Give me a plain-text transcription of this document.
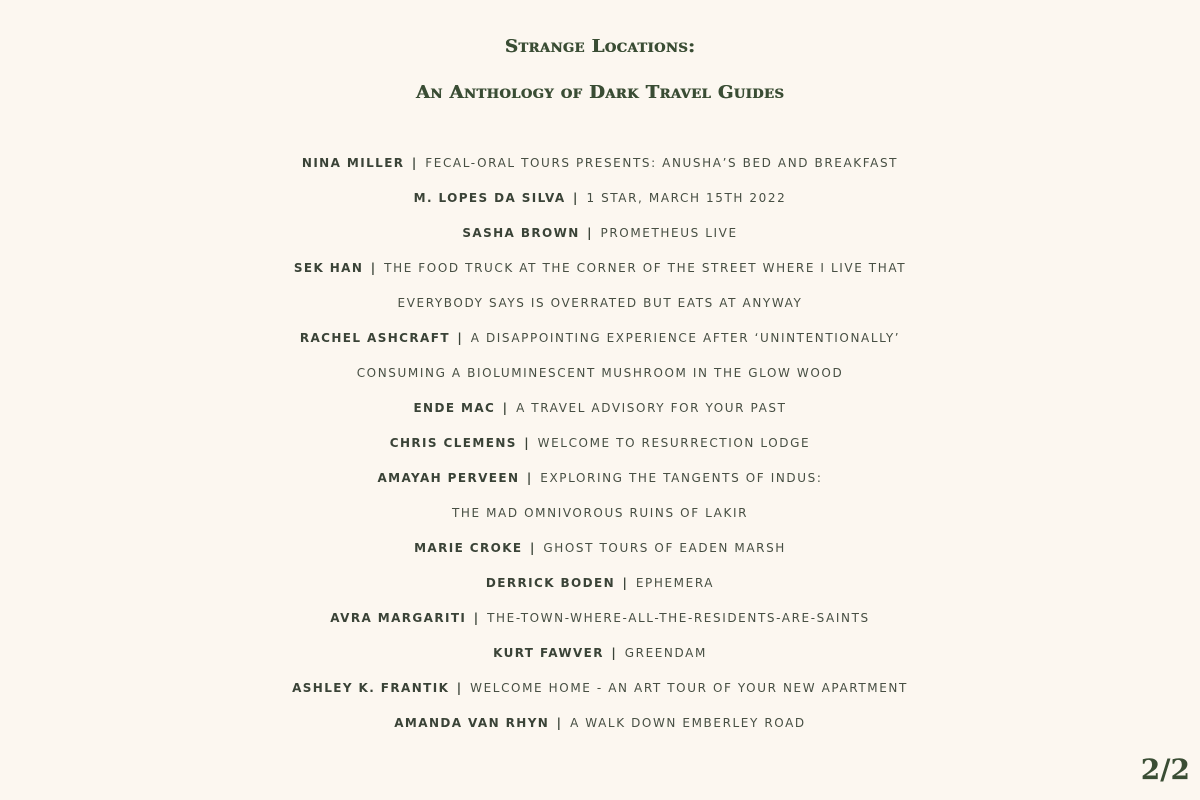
Strange Locations:
An Anthology of Dark Travel Guides
NINA MILLER | FECAL-ORAL TOURS PRESENTS: ANUSHA’S BED AND BREAKFAST
M. LOPES DA SILVA | 1 STAR, MARCH 15TH 2022
SASHA BROWN | PROMETHEUS LIVE
SEK HAN | THE FOOD TRUCK AT THE CORNER OF THE STREET WHERE I LIVE THAT
EVERYBODY SAYS IS OVERRATED BUT EATS AT ANYWAY
RACHEL ASHCRAFT | A DISAPPOINTING EXPERIENCE AFTER ‘UNINTENTIONALLY’
CONSUMING A BIOLUMINESCENT MUSHROOM IN THE GLOW WOOD
ENDE MAC | A TRAVEL ADVISORY FOR YOUR PAST
CHRIS CLEMENS | WELCOME TO RESURRECTION LODGE
AMAYAH PERVEEN | EXPLORING THE TANGENTS OF INDUS:
THE MAD OMNIVOROUS RUINS OF LAKIR
MARIE CROKE | GHOST TOURS OF EADEN MARSH
DERRICK BODEN | EPHEMERA
AVRA MARGARITI | THE-TOWN-WHERE-ALL-THE-RESIDENTS-ARE-SAINTS
KURT FAWVER | GREENDAM
ASHLEY K. FRANTIK | WELCOME HOME - AN ART TOUR OF YOUR NEW APARTMENT
AMANDA VAN RHYN | A WALK DOWN EMBERLEY ROAD
2/2
